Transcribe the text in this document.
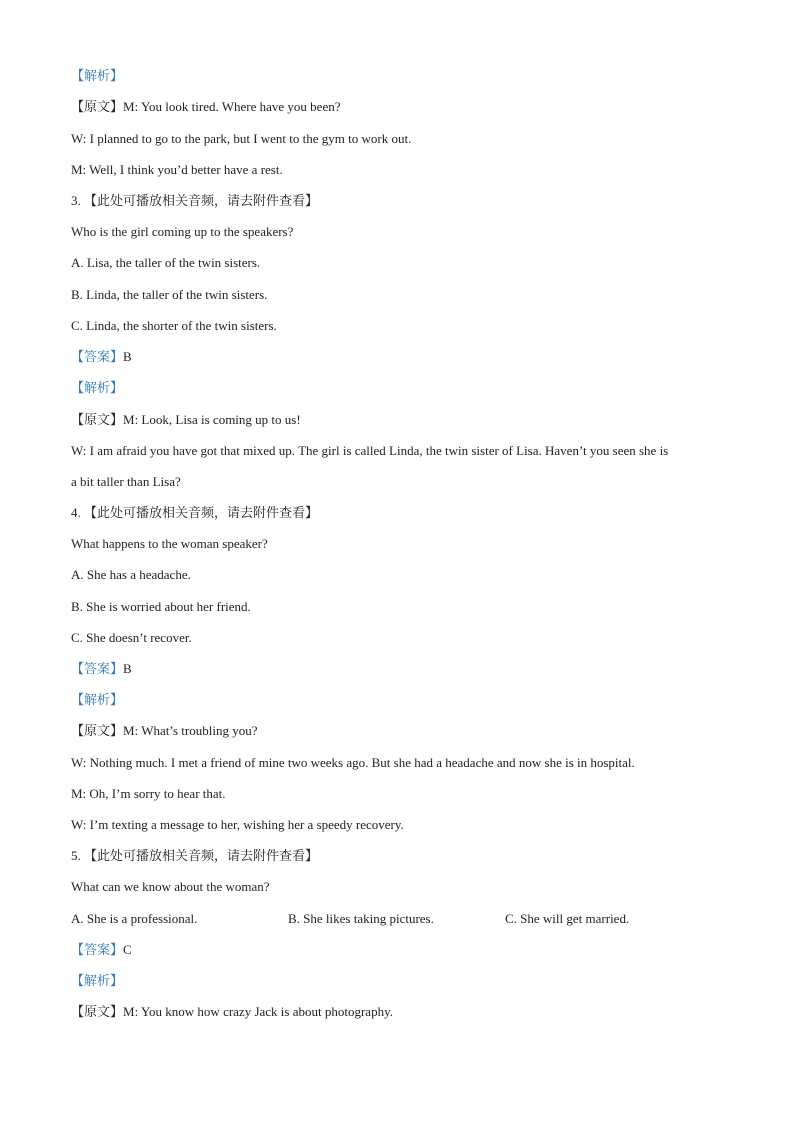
【解析】
【原文】M: You look tired. Where have you been?
W: I planned to go to the park, but I went to the gym to work out.
M: Well, I think you’d better have a rest.
3. 【此处可播放相关音频，请去附件查看】
Who is the girl coming up to the speakers?
A. Lisa, the taller of the twin sisters.
B. Linda, the taller of the twin sisters.
C. Linda, the shorter of the twin sisters.
【答案】B
【解析】
【原文】M: Look, Lisa is coming up to us!
W: I am afraid you have got that mixed up. The girl is called Linda, the twin sister of Lisa. Haven’t you seen she is
a bit taller than Lisa?
4. 【此处可播放相关音频，请去附件查看】
What happens to the woman speaker?
A. She has a headache.
B. She is worried about her friend.
C. She doesn’t recover.
【答案】B
【解析】
【原文】M: What’s troubling you?
W: Nothing much. I met a friend of mine two weeks ago. But she had a headache and now she is in hospital.
M: Oh, I’m sorry to hear that.
W: I’m texting a message to her, wishing her a speedy recovery.
5. 【此处可播放相关音频，请去附件查看】
What can we know about the woman?
A. She is a professional.	B. She likes taking pictures.	C. She will get married.
【答案】C
【解析】
【原文】M: You know how crazy Jack is about photography.
